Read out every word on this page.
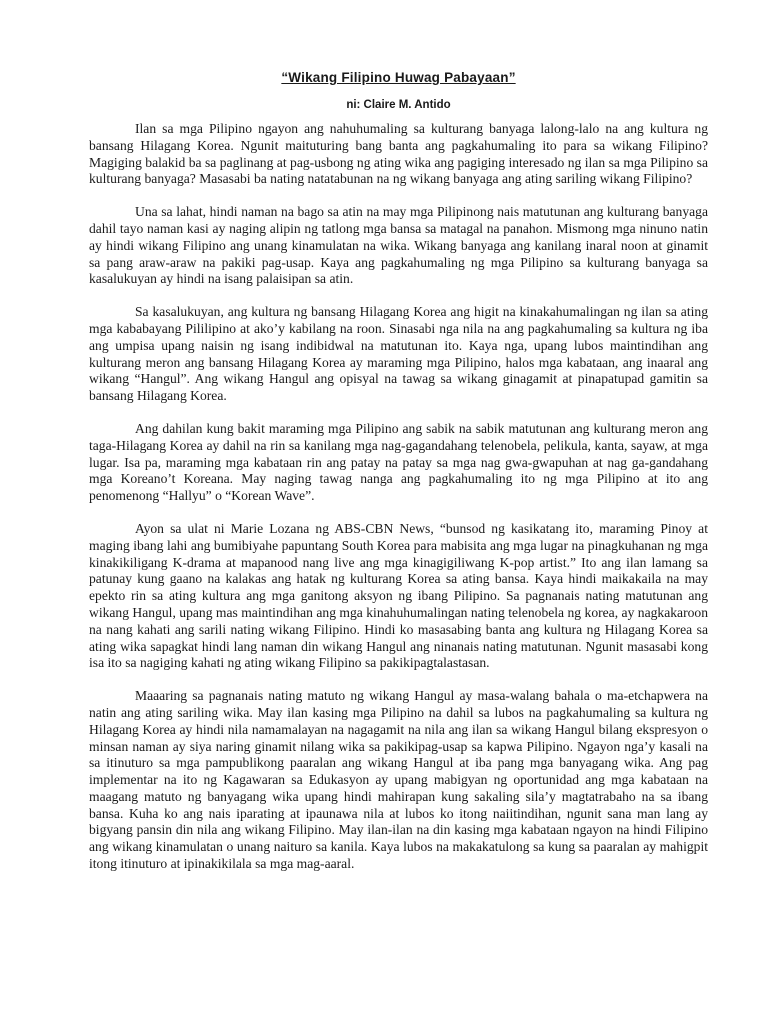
“Wikang Filipino Huwag Pabayaan”
ni: Claire M. Antido

Ilan sa mga Pilipino ngayon ang nahuhumaling sa kulturang banyaga lalong-lalo na ang kultura ng bansang Hilagang Korea. Ngunit maituturing bang banta ang pagkahumaling ito para sa wikang Filipino? Magiging balakid ba sa paglinang at pag-usbong ng ating wika ang pagiging interesado ng ilan sa mga Pilipino sa kulturang banyaga? Masasabi ba nating natatabunan na ng wikang banyaga ang ating sariling wikang Filipino?

Una sa lahat, hindi naman na bago sa atin na may mga Pilipinong nais matutunan ang kulturang banyaga dahil tayo naman kasi ay naging alipin ng tatlong mga bansa sa matagal na panahon. Mismong mga ninuno natin ay hindi wikang Filipino ang unang kinamulatan na wika. Wikang banyaga ang kanilang inaral noon at ginamit sa pang araw-araw na pakiki pag-usap. Kaya ang pagkahumaling ng mga Pilipino sa kulturang banyaga sa kasalukuyan ay hindi na isang palaisipan sa atin.

Sa kasalukuyan, ang kultura ng bansang Hilagang Korea ang higit na kinakahumalingan ng ilan sa ating mga kababayang Pililipino at ako’y kabilang na roon. Sinasabi nga nila na ang pagkahumaling sa kultura ng iba ang umpisa upang naisin ng isang indibidwal na matutunan ito. Kaya nga, upang lubos maintindihan ang kulturang meron ang bansang Hilagang Korea ay maraming mga Pilipino, halos mga kabataan, ang inaaral ang wikang “Hangul”. Ang wikang Hangul ang opisyal na tawag sa wikang ginagamit at pinapatupad gamitin sa bansang Hilagang Korea.

Ang dahilan kung bakit maraming mga Pilipino ang sabik na sabik matutunan ang kulturang meron ang taga-Hilagang Korea ay dahil na rin sa kanilang mga nag-gagandahang telenobela, pelikula, kanta, sayaw, at mga lugar. Isa pa, maraming mga kabataan rin ang patay na patay sa mga nag gwa-gwapuhan at nag ga-gandahang mga Koreano’t Koreana. May naging tawag nanga ang pagkahumaling ito ng mga Pilipino at ito ang penomenong “Hallyu” o “Korean Wave”.

Ayon sa ulat ni Marie Lozana ng ABS-CBN News, “bunsod ng kasikatang ito, maraming Pinoy at maging ibang lahi ang bumibiyahe papuntang South Korea para mabisita ang mga lugar na pinagkuhanan ng mga kinakikiligang K-drama at mapanood nang live ang mga kinagigiliwang K-pop artist.” Ito ang ilan lamang sa patunay kung gaano na kalakas ang hatak ng kulturang Korea sa ating bansa. Kaya hindi maikakaila na may epekto rin sa ating kultura ang mga ganitong aksyon ng ibang Pilipino. Sa pagnanais nating matutunan ang wikang Hangul, upang mas maintindihan ang mga kinahuhumalingan nating telenobela ng korea, ay nagkakaroon na nang kahati ang sarili nating wikang Filipino. Hindi ko masasabing banta ang kultura ng Hilagang Korea sa ating wika sapagkat hindi lang naman din wikang Hangul ang ninanais nating matutunan. Ngunit masasabi kong isa ito sa nagiging kahati ng ating wikang Filipino sa pakikipagtalastasan.

Maaaring sa pagnanais nating matuto ng wikang Hangul ay masa-walang bahala o ma-etchapwera na natin ang ating sariling wika. May ilan kasing mga Pilipino na dahil sa lubos na pagkahumaling sa kultura ng Hilagang Korea ay hindi nila namamalayan na nagagamit na nila ang ilan sa wikang Hangul bilang ekspresyon o minsan naman ay siya naring ginamit nilang wika sa pakikipag-usap sa kapwa Pilipino. Ngayon nga’y kasali na sa itinuturo sa mga pampublikong paaralan ang wikang Hangul at iba pang mga banyagang wika. Ang pag implementar na ito ng Kagawaran sa Edukasyon ay upang mabigyan ng oportunidad ang mga kabataan na maagang matuto ng banyagang wika upang hindi mahirapan kung sakaling sila’y magtatrabaho na sa ibang bansa. Kuha ko ang nais iparating at ipaunawa nila at lubos ko itong naiitindihan, ngunit sana man lang ay bigyang pansin din nila ang wikang Filipino. May ilan-ilan na din kasing mga kabataan ngayon na hindi Filipino ang wikang kinamulatan o unang naituro sa kanila. Kaya lubos na makakatulong sa kung sa paaralan ay mahigpit itong itinuturo at ipinakikilala sa mga mag-aaral.
